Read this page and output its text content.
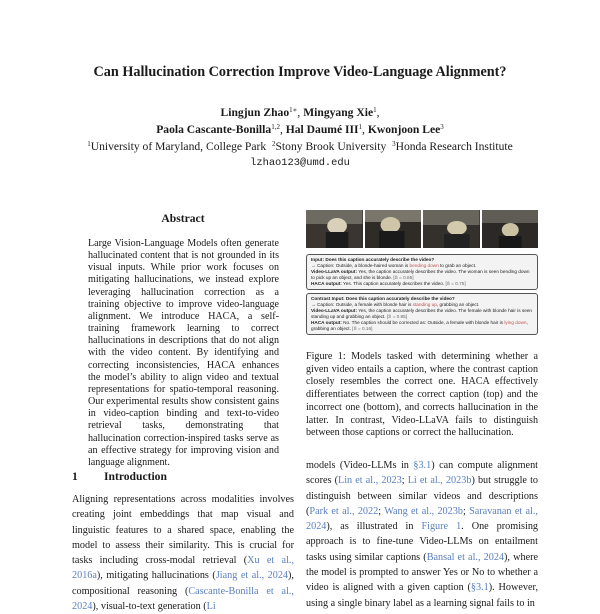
Can Hallucination Correction Improve Video-Language Alignment?
Lingjun Zhao$^{1∗}$, Mingyang Xie$^1$,
Paola Cascante-Bonilla$^{1,2}$, Hal Daumé III$^1$, Kwonjoon Lee$^3$
$^1$University of Maryland, College Park $^2$Stony Brook University $^3$Honda Research Institute
lzhao123@umd.edu
Abstract
Large Vision-Language Models often generate hallucinated content that is not grounded in its visual inputs. While prior work focuses on mitigating hallucinations, we instead explore leveraging hallucination correction as a training objective to improve video-language alignment. We introduce HACA, a self-training framework learning to correct hallucinations in descriptions that do not align with the video content. By identifying and correcting inconsistencies, HACA enhances the model’s ability to align video and textual representations for spatio-temporal reasoning. Our experimental results show consistent gains in video-caption binding and text-to-video retrieval tasks, demonstrating that hallucination correction-inspired tasks serve as an effective strategy for improving vision and language alignment.
1 Introduction
Aligning representations across modalities involves creating joint embeddings that map visual and linguistic features to a shared space, enabling the model to assess their similarity. This is crucial for tasks including cross-modal retrieval (Xu et al., 2016a), mitigating hallucinations (Jiang et al., 2024), compositional reasoning (Cascante-Bonilla et al., 2024), visual-to-text generation (Li
Input: Does this caption accurately describe the video?
→ Caption: Outside, a blonde-haired woman is bending down to grab an object.
Video-LLaVA output: Yes, the caption accurately describes the video. The woman is seen bending down to pick up an object, and she is blonde. [Ŝ = 0.85]
HACA output: Yes. This caption accurately describes the video. [Ŝ = 0.75]
Contrast Input: Does this caption accurately describe the video?
→ Caption: Outside, a female with blonde hair is standing up, grabbing an object.
Video-LLaVA output: Yes, the caption accurately describes the video. The female with blonde hair is seen standing up and grabbing an object. [Ŝ = 0.85]
HACA output: No. The caption should be corrected as: Outside, a female with blonde hair is lying down, grabbing an object. [Ŝ = 0.16]
Figure 1: Models tasked with determining whether a given video entails a caption, where the contrast caption closely resembles the correct one. HACA effectively differentiates between the correct caption (top) and the incorrect one (bottom), and corrects hallucination in the latter. In contrast, Video-LLaVA fails to distinguish between those captions or correct the hallucination.
models (Video-LLMs in §3.1) can compute alignment scores (Lin et al., 2023; Li et al., 2023b) but struggle to distinguish between similar videos and descriptions (Park et al., 2022; Wang et al., 2023b; Saravanan et al., 2024), as illustrated in Figure 1. One promising approach is to fine-tune Video-LLMs on entailment tasks using similar captions (Bansal et al., 2024), where the model is prompted to answer Yes or No to whether a video is aligned with a given caption (§3.1). However, using a single binary label as a learning signal fails to in
